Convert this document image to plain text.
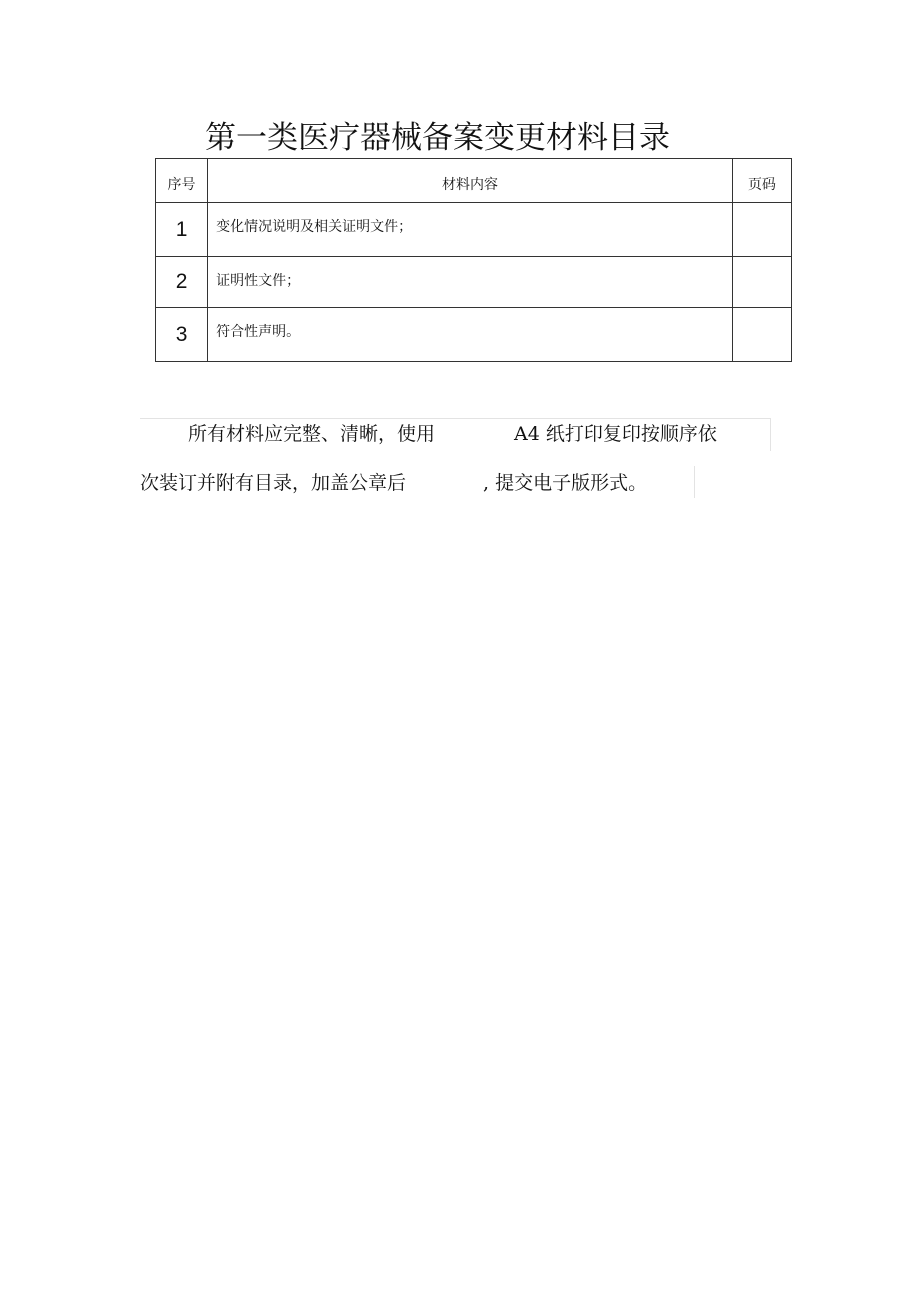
第一类医疗器械备案变更材料目录
序号	材料内容	页码
1	变化情况说明及相关证明文件；	
2	证明性文件；	
3	符合性声明。	
所有材料应完整、清晰，使用	A4 纸打印复印按顺序依
次装订并附有目录，加盖公章后	, 提交电子版形式。
